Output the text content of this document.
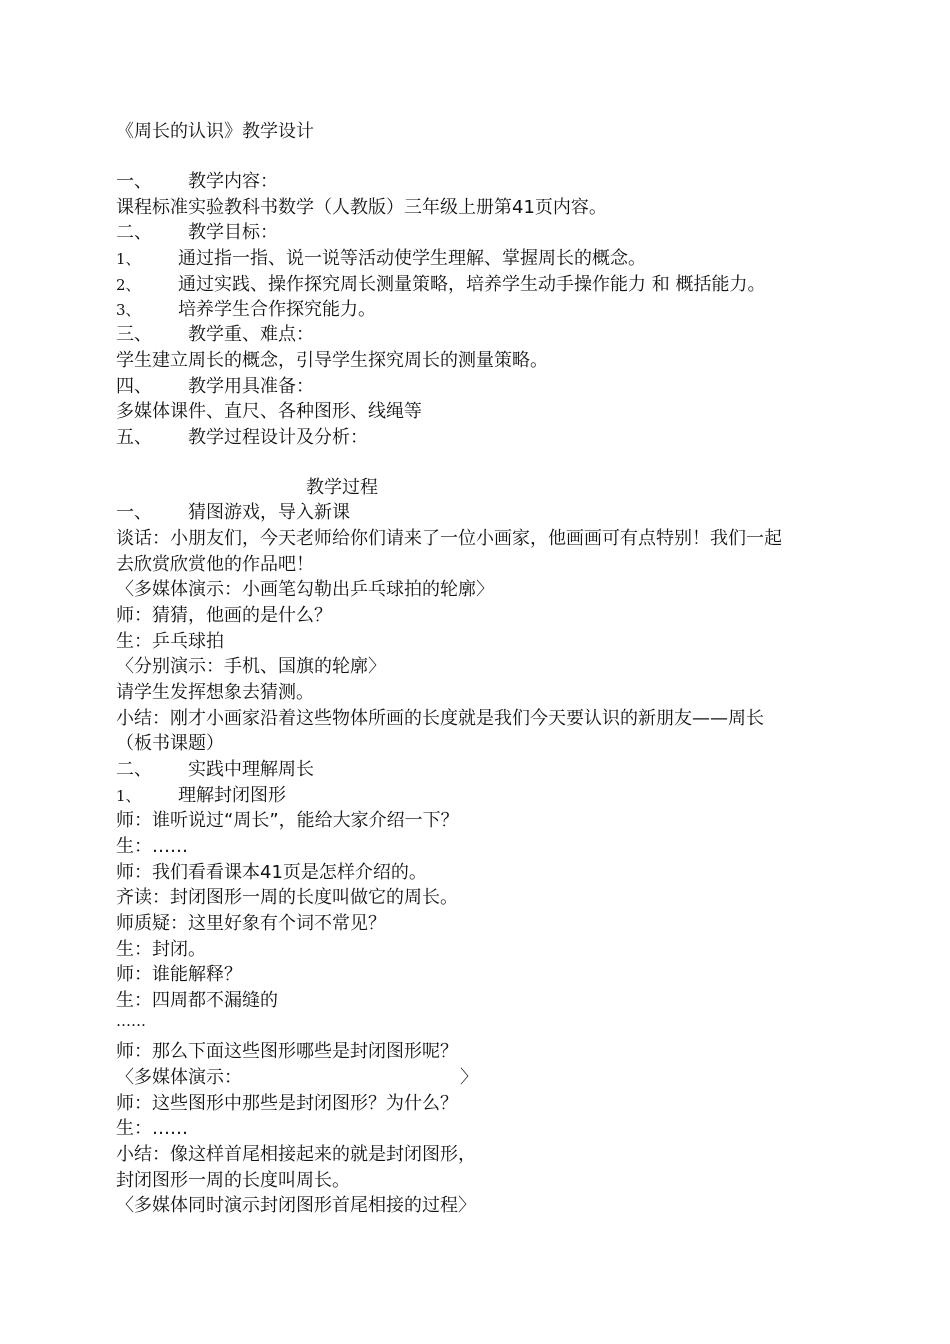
《周长的认识》教学设计
一、 教学内容：
课程标准实验教科书数学（人教版）三年级上册第41页内容。
二、 教学目标：
1、 通过指一指、说一说等活动使学生理解、掌握周长的概念。
2、 通过实践、操作探究周长测量策略，培养学生动手操作能力 和 概括能力。
3、 培养学生合作探究能力。
三、 教学重、难点：
学生建立周长的概念，引导学生探究周长的测量策略。
四、 教学用具准备：
多媒体课件、直尺、各种图形、线绳等
五、 教学过程设计及分析：
教学过程
一、 猜图游戏，导入新课
谈话：小朋友们，今天老师给你们请来了一位小画家，他画画可有点特别！我们一起
去欣赏欣赏他的作品吧！
〈多媒体演示：小画笔勾勒出乒乓球拍的轮廓〉
师：猜猜，他画的是什么？
生：乒乓球拍
〈分别演示：手机、国旗的轮廓〉
请学生发挥想象去猜测。
小结：刚才小画家沿着这些物体所画的长度就是我们今天要认识的新朋友——周长
（板书课题）
二、 实践中理解周长
1、 理解封闭图形
师：谁听说过“周长”，能给大家介绍一下？
生：……
师：我们看看课本41页是怎样介绍的。
齐读：封闭图形一周的长度叫做它的周长。
师质疑：这里好象有个词不常见？
生：封闭。
师：谁能解释？
生：四周都不漏缝的
……
师：那么下面这些图形哪些是封闭图形呢？
〈多媒体演示：	〉
师：这些图形中那些是封闭图形？为什么？
生：……
小结：像这样首尾相接起来的就是封闭图形，
封闭图形一周的长度叫周长。
〈多媒体同时演示封闭图形首尾相接的过程〉
